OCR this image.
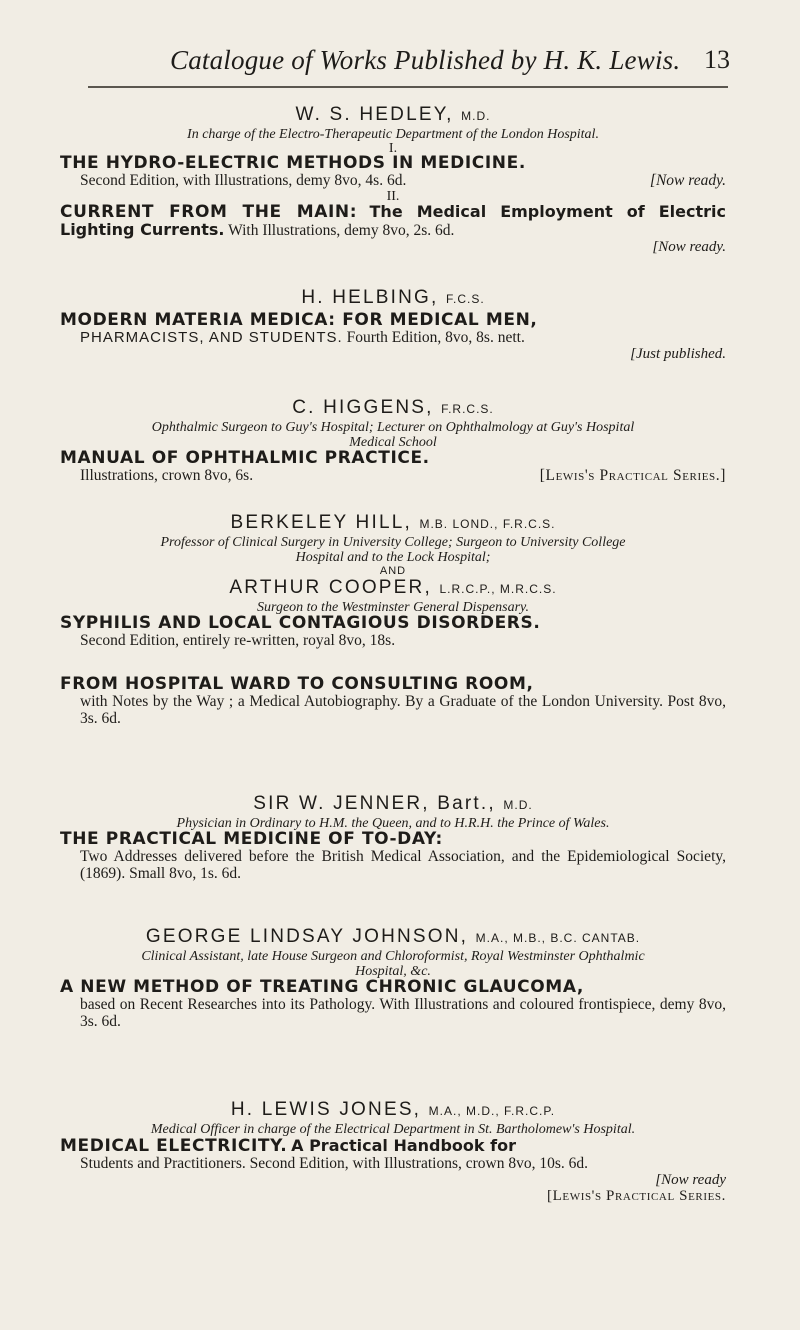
Catalogue of Works Published by H. K. Lewis. 13
W. S. HEDLEY, M.D.
In charge of the Electro-Therapeutic Department of the London Hospital.
I.
THE HYDRO-ELECTRIC METHODS IN MEDICINE.
Second Edition, with Illustrations, demy 8vo, 4s. 6d.	[Now ready.
II.
CURRENT FROM THE MAIN: The Medical Employment of Electric Lighting Currents. With Illustrations, demy 8vo, 2s. 6d.
[Now ready.
H. HELBING, F.C.S.
MODERN MATERIA MEDICA: FOR MEDICAL MEN,
PHARMACISTS, AND STUDENTS. Fourth Edition, 8vo, 8s. nett.
[Just published.
C. HIGGENS, F.R.C.S.
Ophthalmic Surgeon to Guy's Hospital; Lecturer on Ophthalmology at Guy's Hospital
Medical School
MANUAL OF OPHTHALMIC PRACTICE.
Illustrations, crown 8vo, 6s.	[Lewis's Practical Series.]
BERKELEY HILL, M.B. LOND., F.R.C.S.
Professor of Clinical Surgery in University College; Surgeon to University College
Hospital and to the Lock Hospital;
AND
ARTHUR COOPER, L.R.C.P., M.R.C.S.
Surgeon to the Westminster General Dispensary.
SYPHILIS AND LOCAL CONTAGIOUS DISORDERS.
Second Edition, entirely re-written, royal 8vo, 18s.
FROM HOSPITAL WARD TO CONSULTING ROOM,
with Notes by the Way ; a Medical Autobiography. By a Graduate of the London University. Post 8vo, 3s. 6d.
SIR W. JENNER, Bart., M.D.
Physician in Ordinary to H.M. the Queen, and to H.R.H. the Prince of Wales.
THE PRACTICAL MEDICINE OF TO-DAY:
Two Addresses delivered before the British Medical Association, and the Epidemiological Society, (1869). Small 8vo, 1s. 6d.
GEORGE LINDSAY JOHNSON, M.A., M.B., B.C. CANTAB.
Clinical Assistant, late House Surgeon and Chloroformist, Royal Westminster Ophthalmic
Hospital, &c.
A NEW METHOD OF TREATING CHRONIC GLAUCOMA,
based on Recent Researches into its Pathology. With Illustrations and coloured frontispiece, demy 8vo, 3s. 6d.
H. LEWIS JONES, M.A., M.D., F.R.C.P.
Medical Officer in charge of the Electrical Department in St. Bartholomew's Hospital.
MEDICAL ELECTRICITY. A Practical Handbook for
Students and Practitioners. Second Edition, with Illustrations, crown 8vo, 10s. 6d.
[Now ready
[Lewis's Practical Series.
